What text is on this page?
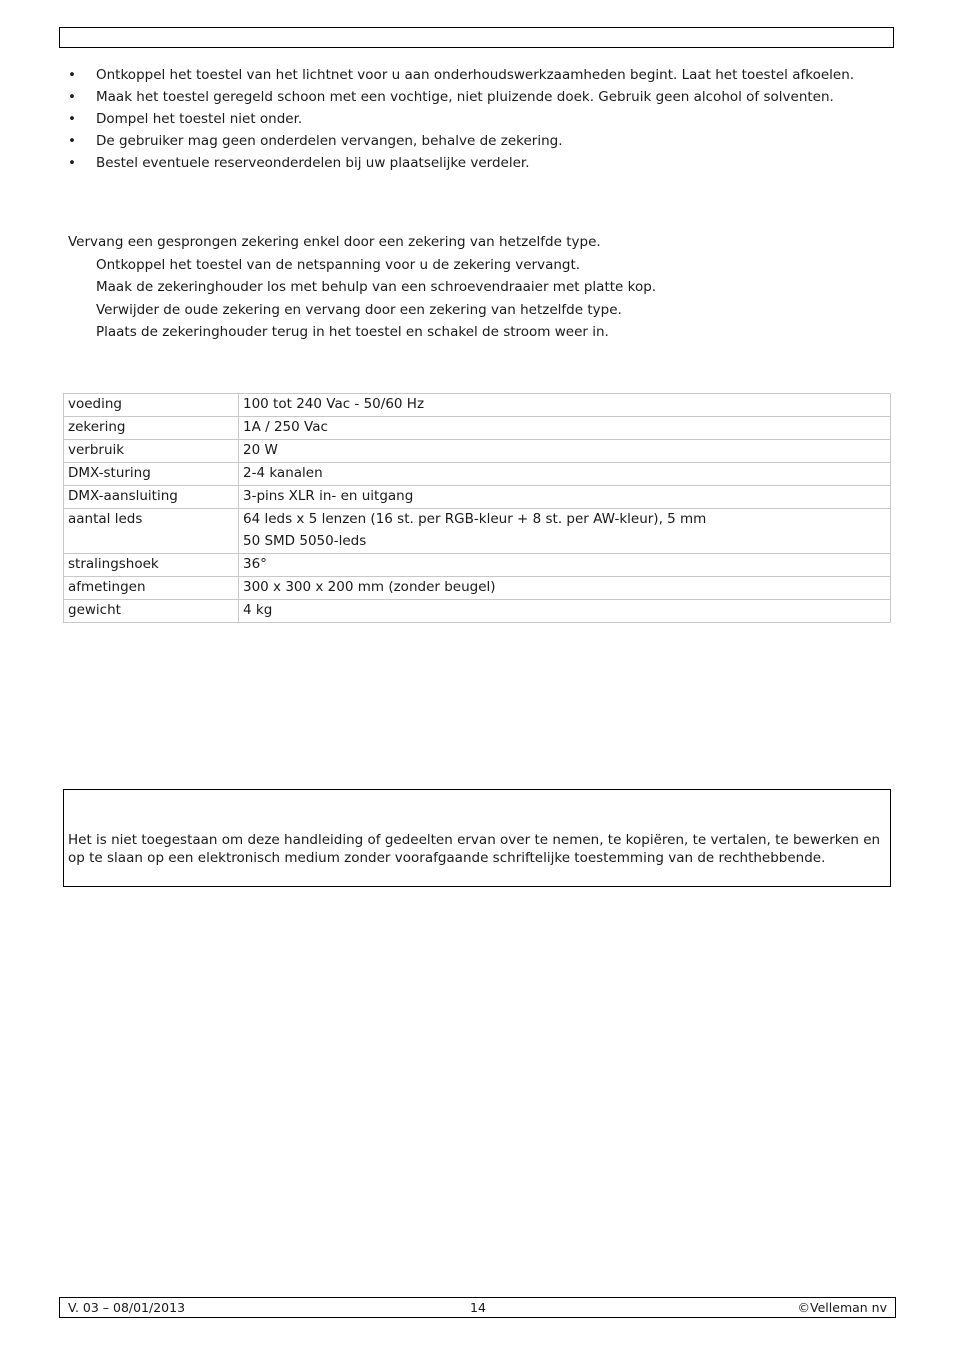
• Ontkoppel het toestel van het lichtnet voor u aan onderhoudswerkzaamheden begint. Laat het toestel afkoelen.
• Maak het toestel geregeld schoon met een vochtige, niet pluizende doek. Gebruik geen alcohol of solventen.
• Dompel het toestel niet onder.
• De gebruiker mag geen onderdelen vervangen, behalve de zekering.
• Bestel eventuele reserveonderdelen bij uw plaatselijke verdeler.
Vervang een gesprongen zekering enkel door een zekering van hetzelfde type.
Ontkoppel het toestel van de netspanning voor u de zekering vervangt.
Maak de zekeringhouder los met behulp van een schroevendraaier met platte kop.
Verwijder de oude zekering en vervang door een zekering van hetzelfde type.
Plaats de zekeringhouder terug in het toestel en schakel de stroom weer in.
voeding	100 tot 240 Vac - 50/60 Hz
zekering	1A / 250 Vac
verbruik	20 W
DMX-sturing	2-4 kanalen
DMX-aansluiting	3-pins XLR in- en uitgang
aantal leds	64 leds x 5 lenzen (16 st. per RGB-kleur + 8 st. per AW-kleur), 5 mm
50 SMD 5050-leds

stralingshoek	36°
afmetingen	300 x 300 x 200 mm (zonder beugel)
gewicht	4 kg
Het is niet toegestaan om deze handleiding of gedeelten ervan over te nemen, te kopiëren, te vertalen, te bewerken en op te slaan op een elektronisch medium zonder voorafgaande schriftelijke toestemming van de rechthebbende.
V. 03 – 08/01/2013	14	©Velleman nv
